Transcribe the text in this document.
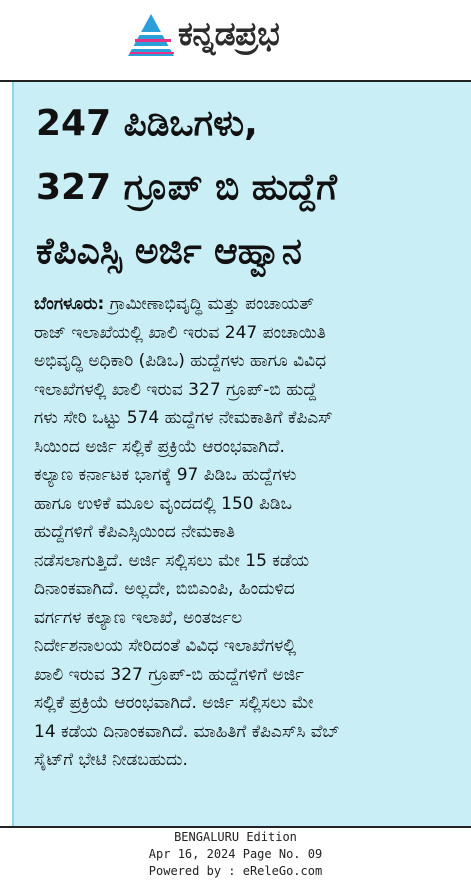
ಕನ್ನಡಪ್ರಭ
247 ಪಿಡಿಒಗಳು,
327 ಗ್ರೂಪ್ ಬಿ ಹುದ್ದೆಗೆ
ಕೆಪಿಎಸ್ಸಿ ಅರ್ಜಿ ಆಹ್ವಾನ
ಬೆಂಗಳೂರು: ಗ್ರಾಮೀಣಾಭಿವೃದ್ಧಿ ಮತ್ತು ಪಂಚಾಯತ್
ರಾಜ್ ಇಲಾಖೆಯಲ್ಲಿ ಖಾಲಿ ಇರುವ 247 ಪಂಚಾಯಿತಿ
ಅಭಿವೃದ್ಧಿ ಅಧಿಕಾರಿ (ಪಿಡಿಒ) ಹುದ್ದೆಗಳು ಹಾಗೂ ವಿವಿಧ
ಇಲಾಖೆಗಳಲ್ಲಿ ಖಾಲಿ ಇರುವ 327 ಗ್ರೂಪ್-ಬಿ ಹುದ್ದೆ
ಗಳು ಸೇರಿ ಒಟ್ಟು 574 ಹುದ್ದೆಗಳ ನೇಮಕಾತಿಗೆ ಕೆಪಿಎಸ್
ಸಿಯಿಂದ ಅರ್ಜಿ ಸಲ್ಲಿಕೆ ಪ್ರಕ್ರಿಯೆ ಆರಂಭವಾಗಿದೆ.
ಕಲ್ಯಾಣ ಕರ್ನಾಟಕ ಭಾಗಕ್ಕೆ 97 ಪಿಡಿಒ ಹುದ್ದೆಗಳು
ಹಾಗೂ ಉಳಿಕೆ ಮೂಲ ವೃಂದದಲ್ಲಿ 150 ಪಿಡಿಒ
ಹುದ್ದೆಗಳಿಗೆ ಕೆಪಿಎಸ್ಸಿಯಿಂದ ನೇಮಕಾತಿ
ನಡೆಸಲಾಗುತ್ತಿದೆ. ಅರ್ಜಿ ಸಲ್ಲಿಸಲು ಮೇ 15 ಕಡೆಯ
ದಿನಾಂಕವಾಗಿದೆ. ಅಲ್ಲದೇ, ಬಿಬಿಎಂಪಿ, ಹಿಂದುಳಿದ
ವರ್ಗಗಳ ಕಲ್ಯಾಣ ಇಲಾಖೆ, ಅಂತರ್ಜಲ
ನಿರ್ದೇಶನಾಲಯ ಸೇರಿದಂತೆ ವಿವಿಧ ಇಲಾಖೆಗಳಲ್ಲಿ
ಖಾಲಿ ಇರುವ 327 ಗ್ರೂಪ್-ಬಿ ಹುದ್ದೆಗಳಿಗೆ ಅರ್ಜಿ
ಸಲ್ಲಿಕೆ ಪ್ರಕ್ರಿಯೆ ಆರಂಭವಾಗಿದೆ. ಅರ್ಜಿ ಸಲ್ಲಿಸಲು ಮೇ
14 ಕಡೆಯ ದಿನಾಂಕವಾಗಿದೆ. ಮಾಹಿತಿಗೆ ಕೆಪಿಎಸ್‌ಸಿ ವೆಬ್
ಸೈಟ್‌ಗೆ ಭೇಟಿ ನೀಡಬಹುದು.
BENGALURU Edition
Apr 16, 2024 Page No. 09
Powered by : eReleGo.com
